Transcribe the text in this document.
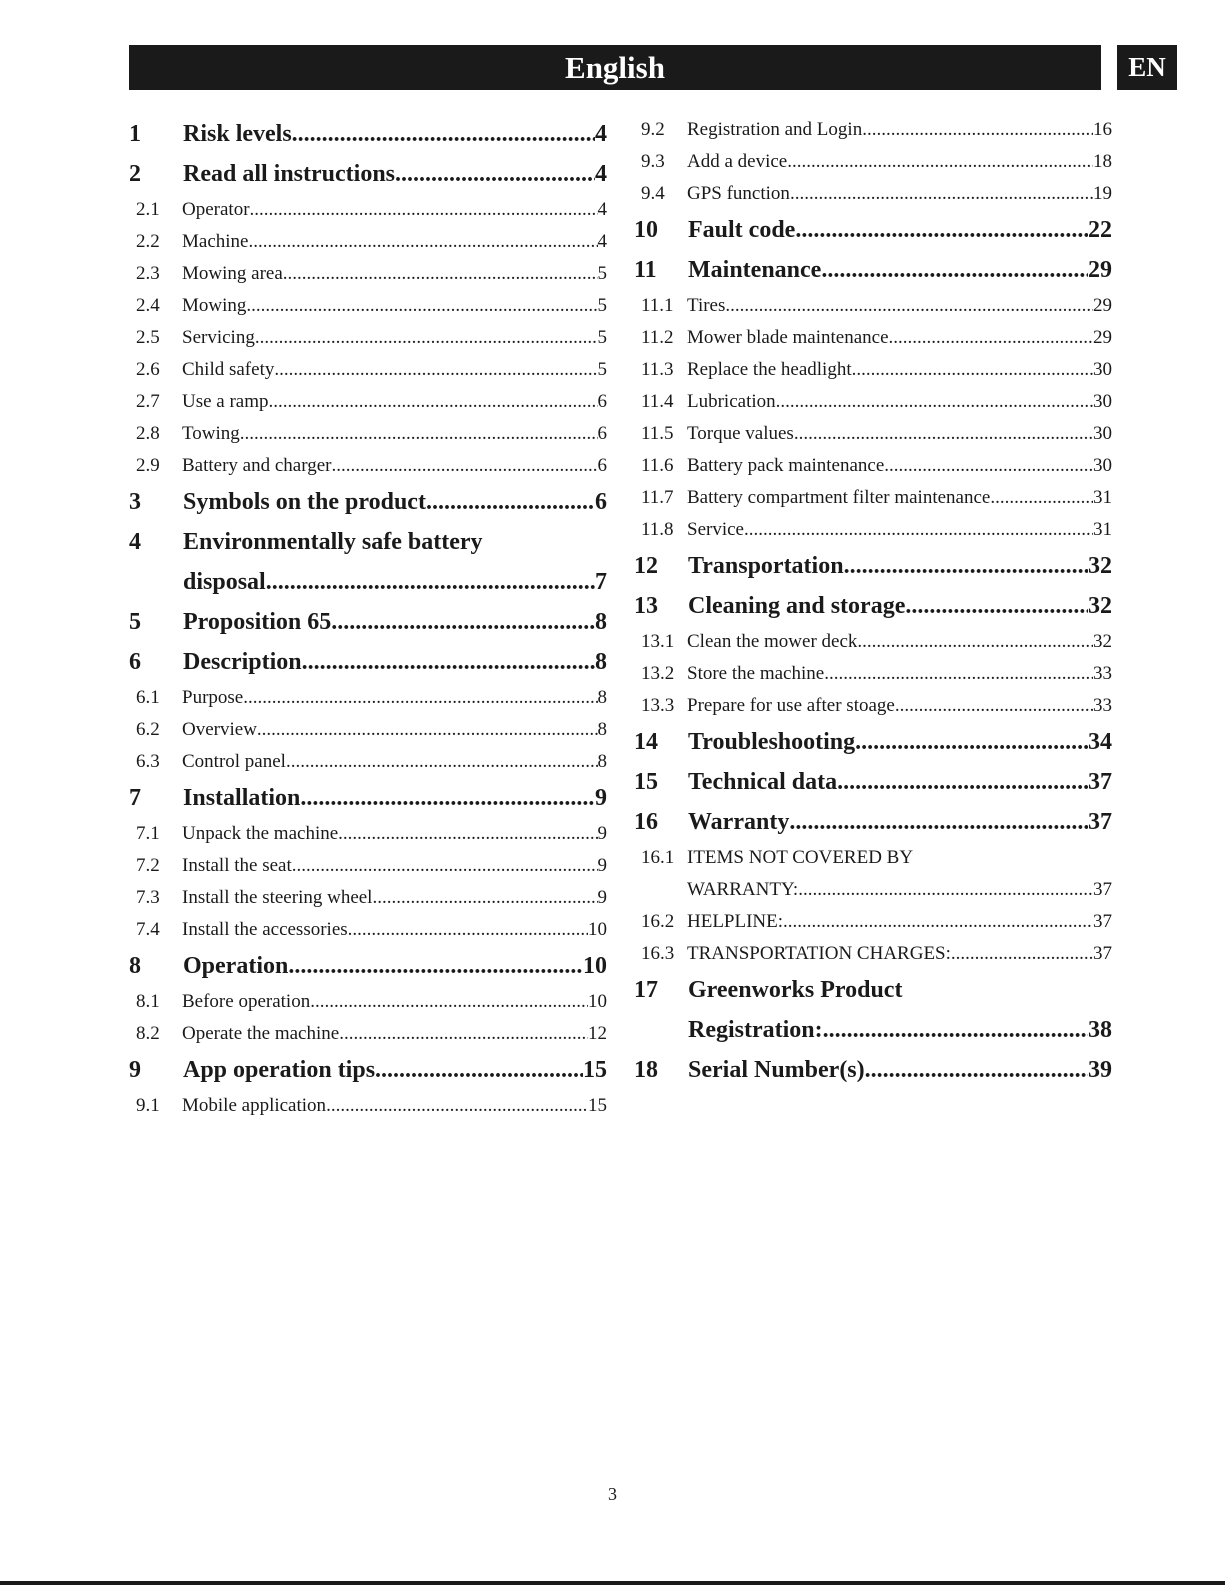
English	EN
1	Risk levels .....	4
2	Read all instructions .....	4
2.1	Operator .....	4
2.2	Machine .....	4
2.3	Mowing area .....	5
2.4	Mowing .....	5
2.5	Servicing .....	5
2.6	Child safety .....	5
2.7	Use a ramp .....	6
2.8	Towing .....	6
2.9	Battery and charger .....	6
3	Symbols on the product .....	6
4	Environmentally safe battery
disposal .....	7
5	Proposition 65 .....	8
6	Description .....	8
6.1	Purpose .....	8
6.2	Overview .....	8
6.3	Control panel .....	8
7	Installation .....	9
7.1	Unpack the machine .....	9
7.2	Install the seat .....	9
7.3	Install the steering wheel .....	9
7.4	Install the accessories .....	10
8	Operation .....	10
8.1	Before operation .....	10
8.2	Operate the machine .....	12
9	App operation tips .....	15
9.1	Mobile application .....	15
9.2	Registration and Login .....	16
9.3	Add a device .....	18
9.4	GPS function .....	19
10	Fault code .....	22
11	Maintenance .....	29
11.1 Tires .....	29
11.2 Mower blade maintenance .....	29
11.3 Replace the headlight .....	30
11.4 Lubrication .....	30
11.5 Torque values .....	30
11.6 Battery pack maintenance .....	30
11.7 Battery compartment filter maintenance .....	31
11.8 Service .....	31
12	Transportation .....	32
13	Cleaning and storage .....	32
13.1 Clean the mower deck .....	32
13.2 Store the machine .....	33
13.3 Prepare for use after stoage .....	33
14	Troubleshooting .....	34
15	Technical data .....	37
16	Warranty .....	37
16.1 ITEMS NOT COVERED BY
WARRANTY: .....	37
16.2 HELPLINE: .....	37
16.3 TRANSPORTATION CHARGES: .....	37
17	Greenworks Product
Registration: .....	38
18	Serial Number(s) .....	39
3
